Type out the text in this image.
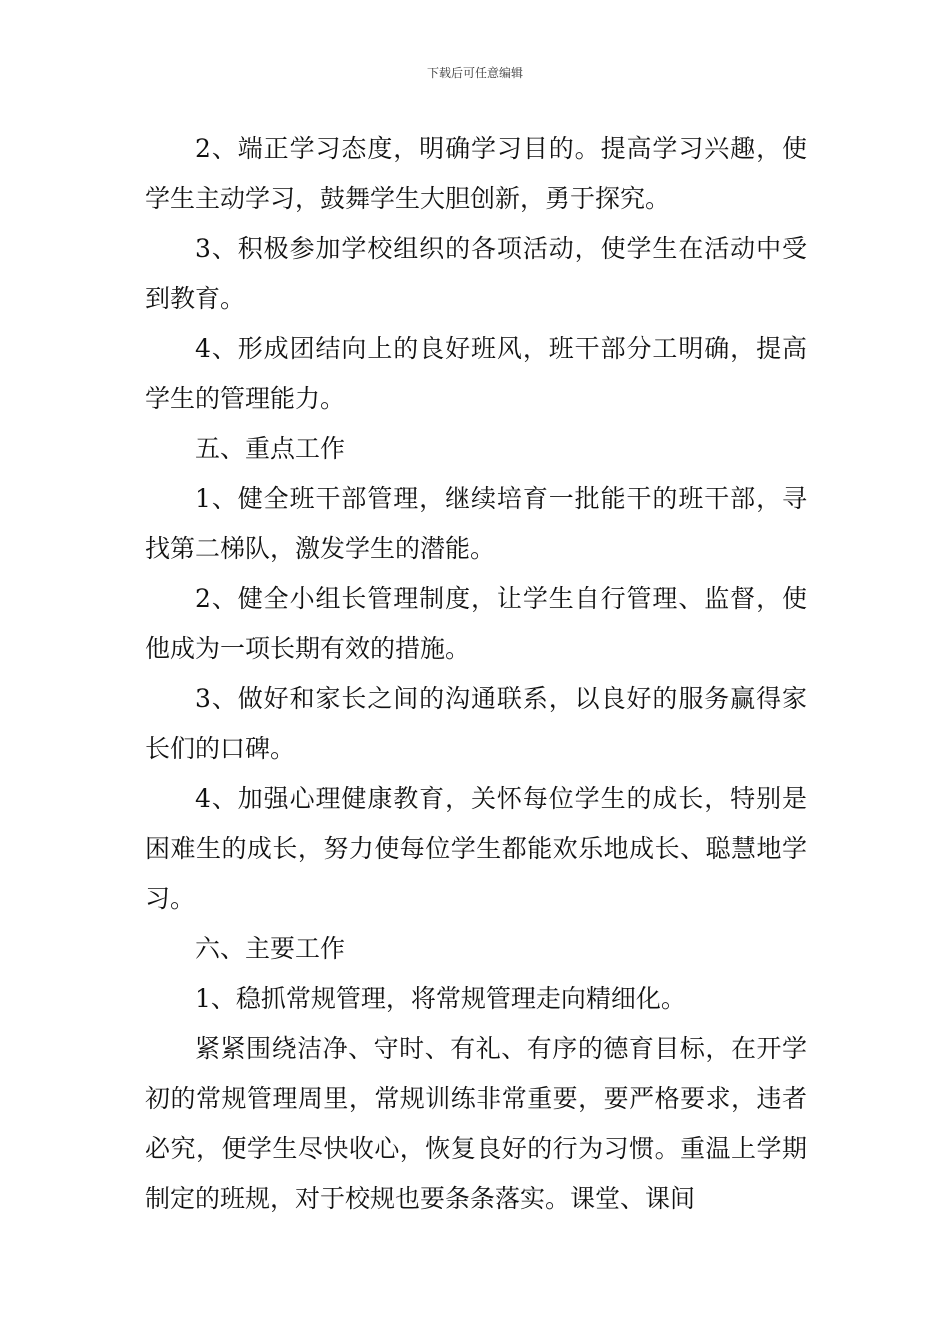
下载后可任意编辑

2、端正学习态度，明确学习目的。提高学习兴趣，使学生主动学习，鼓舞学生大胆创新，勇于探究。

3、积极参加学校组织的各项活动，使学生在活动中受到教育。

4、形成团结向上的良好班风，班干部分工明确，提高学生的管理能力。

五、重点工作

1、健全班干部管理，继续培育一批能干的班干部，寻找第二梯队，激发学生的潜能。

2、健全小组长管理制度，让学生自行管理、监督，使他成为一项长期有效的措施。

3、做好和家长之间的沟通联系，以良好的服务赢得家长们的口碑。

4、加强心理健康教育，关怀每位学生的成长，特别是困难生的成长，努力使每位学生都能欢乐地成长、聪慧地学习。

六、主要工作

1、稳抓常规管理，将常规管理走向精细化。

紧紧围绕洁净、守时、有礼、有序的德育目标，在开学初的常规管理周里，常规训练非常重要，要严格要求，违者必究，便学生尽快收心，恢复良好的行为习惯。重温上学期制定的班规，对于校规也要条条落实。课堂、课间
